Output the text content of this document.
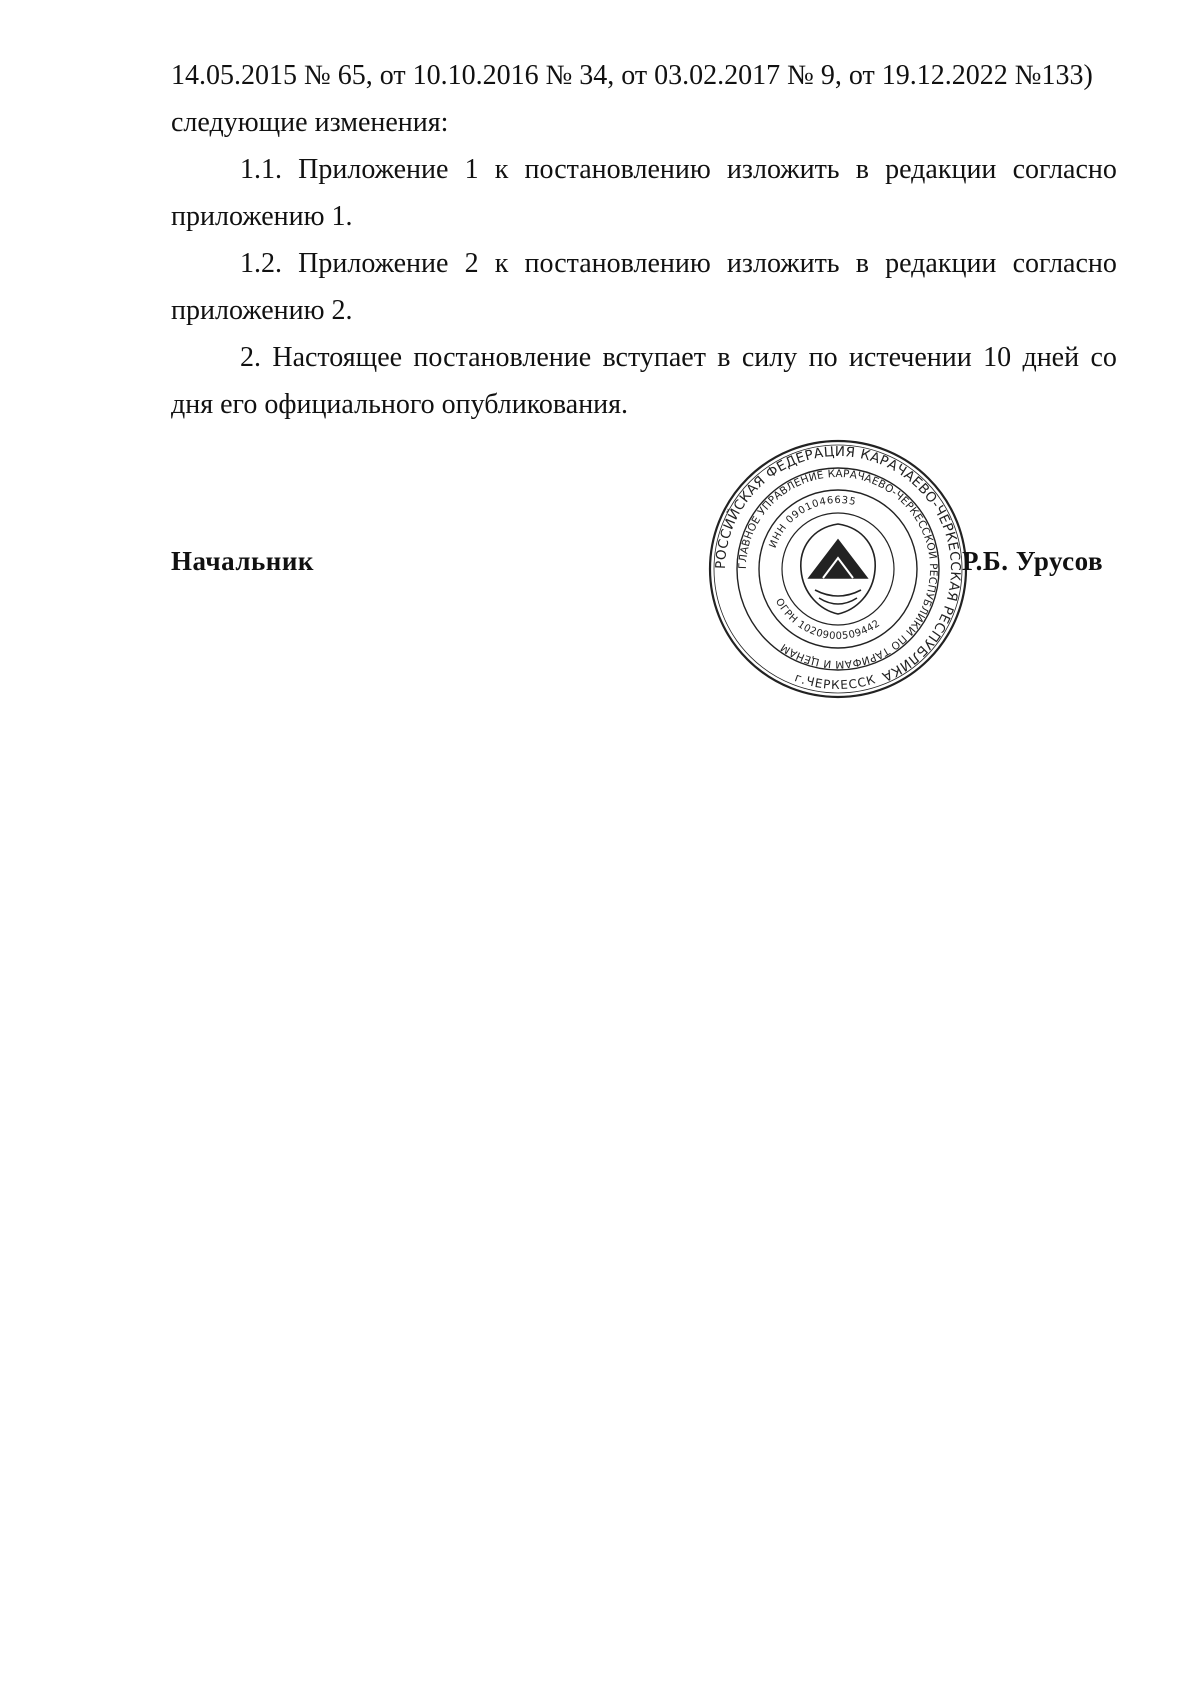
14.05.2015 № 65, от 10.10.2016 № 34, от 03.02.2017 № 9, от 19.12.2022 №133)
следующие изменения:
1.1. Приложение 1 к постановлению изложить в редакции согласно
приложению 1.
1.2. Приложение 2 к постановлению изложить в редакции согласно
приложению 2.
2. Настоящее постановление вступает в силу по истечении 10 дней со
дня его официального опубликования.
Начальник	РОССИЙСКАЯ ФЕДЕРАЦИЯ КАРАЧАЕВО-ЧЕРКЕССКАЯ РЕСПУБЛИКА
ГЛАВНОЕ УПРАВЛЕНИЕ КАРАЧАЕВО-ЧЕРКЕССКОЙ РЕСПУБЛИКИ ПО ТАРИФАМ И ЦЕНАМ
ИНН 0901046635
ОГРН 1020900509442
г.ЧЕРКЕССК
Р.Б. Урусов
